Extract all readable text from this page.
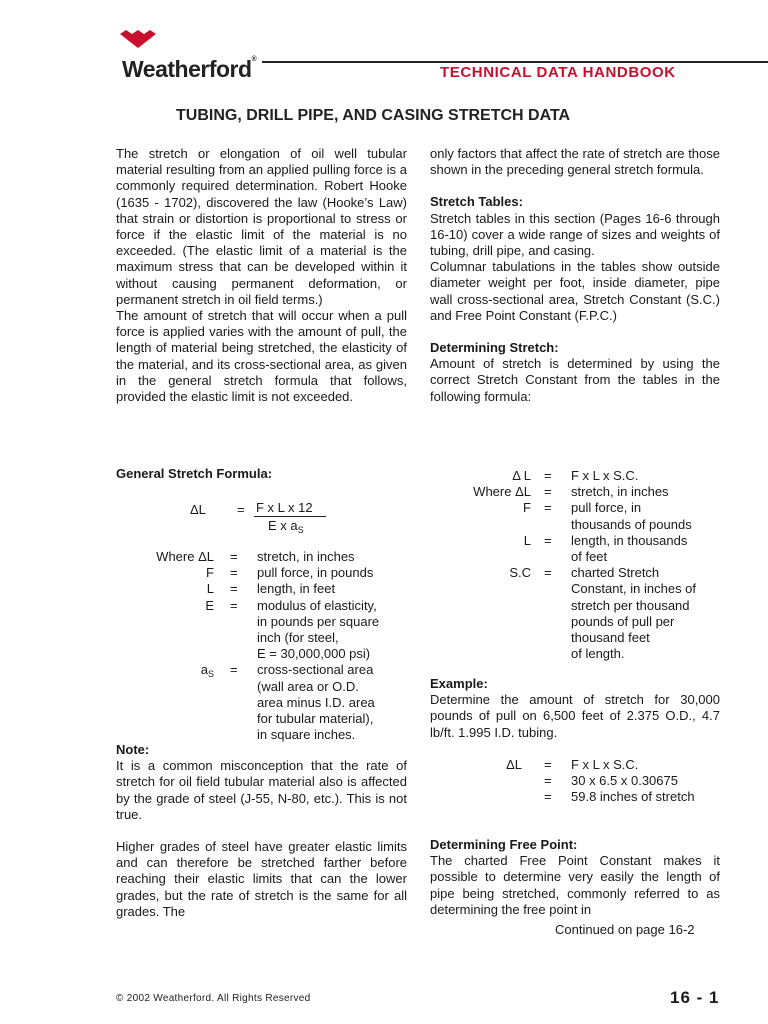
Weatherford®
TECHNICAL DATA HANDBOOK
TUBING, DRILL PIPE, AND CASING STRETCH DATA

The stretch or elongation of oil well tubular material resulting from an applied pulling force is a commonly required determination. Robert Hooke (1635 - 1702), discovered the law (Hooke’s Law) that strain or distortion is proportional to stress or force if the elastic limit of the material is no exceeded. (The elastic limit of a material is the maximum stress that can be developed within it without causing permanent deformation, or permanent stretch in oil field terms.)

The amount of stretch that will occur when a pull force is applied varies with the amount of pull, the length of material being stretched, the elasticity of the material, and its cross-sectional area, as given in the general stretch formula that follows, provided the elastic limit is not exceeded.

General Stretch Formula:
ΔL = F x L x 12
E x $a_S$
Where ΔL = stretch, in inches
F = pull force, in pounds
L = length, in feet
E = modulus of elasticity,
in pounds per square
inch (for steel,
E = 30,000,000 psi)
$a_S$ = cross-sectional area
(wall area or O.D.
area minus I.D. area
for tubular material),
in square inches.

Note:

It is a common misconception that the rate of stretch for oil field tubular material also is affected by the grade of steel (J-55, N-80, etc.). This is not true.

Higher grades of steel have greater elastic limits and can therefore be stretched farther before reaching their elastic limits that can the lower grades, but the rate of stretch is the same for all grades. The

only factors that affect the rate of stretch are those shown in the preceding general stretch formula.

Stretch Tables:

Stretch tables in this section (Pages 16-6 through 16-10) cover a wide range of sizes and weights of tubing, drill pipe, and casing.

Columnar tabulations in the tables show outside diameter weight per foot, inside diameter, pipe wall cross-sectional area, Stretch Constant (S.C.) and Free Point Constant (F.P.C.)

Determining Stretch:

Amount of stretch is determined by using the correct Stretch Constant from the tables in the following formula:

Δ L = F x L x S.C.
Where ΔL = stretch, in inches
F = pull force, in
thousands of pounds
L = length, in thousands
of feet
S.C = charted Stretch
Constant, in inches of
stretch per thousand
pounds of pull per
thousand feet
of length.

Example:

Determine the amount of stretch for 30,000 pounds of pull on 6,500 feet of 2.375 O.D., 4.7 lb/ft. 1.995 I.D. tubing.

ΔL = F x L x S.C.
= 30 x 6.5 x 0.30675
= 59.8 inches of stretch

Determining Free Point:

The charted Free Point Constant makes it possible to determine very easily the length of pipe being stretched, commonly referred to as determining the free point in

Continued on page 16-2
© 2002 Weatherford. All Rights Reserved	16 - 1
